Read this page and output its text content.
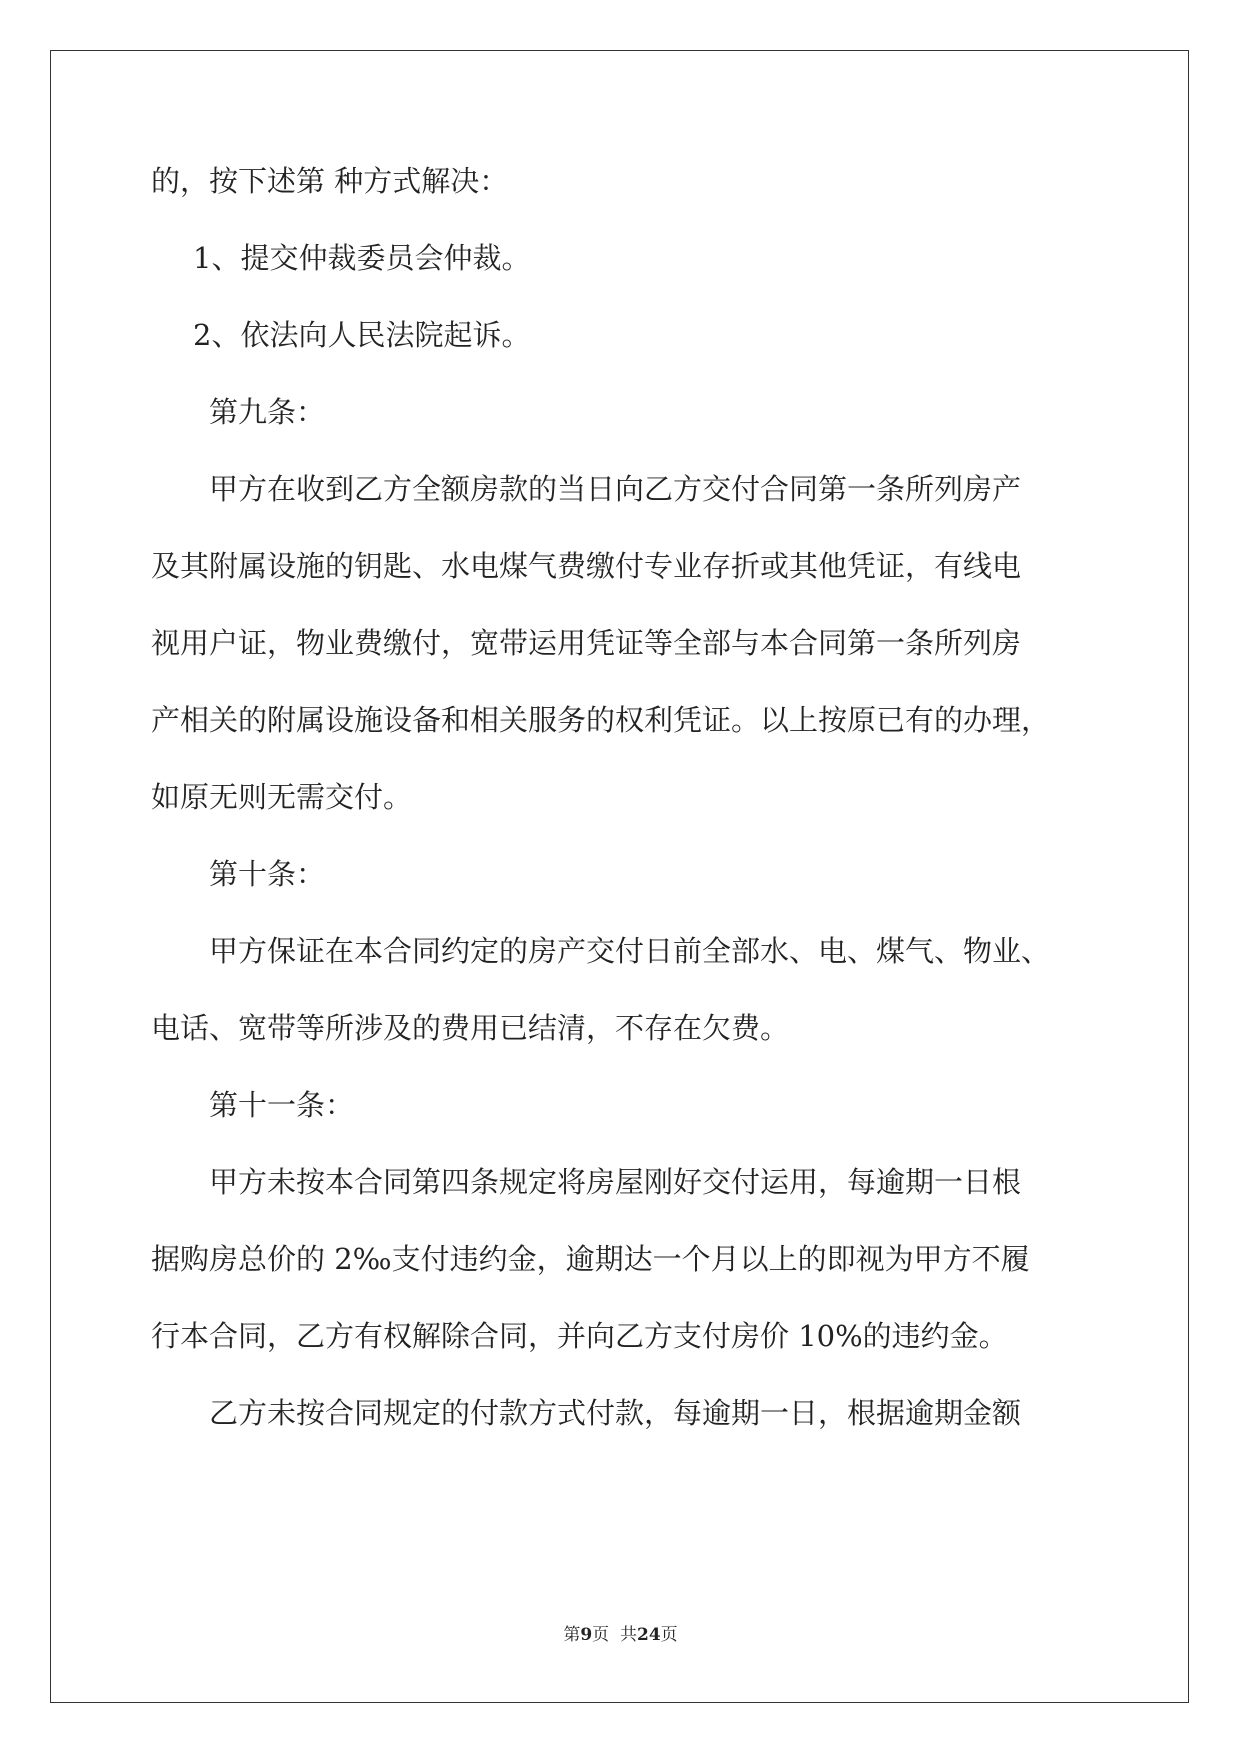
的，按下述第 种方式解决：

1、提交仲裁委员会仲裁。

2、依法向人民法院起诉。

第九条：

甲方在收到乙方全额房款的当日向乙方交付合同第一条所列房产

及其附属设施的钥匙、水电煤气费缴付专业存折或其他凭证，有线电

视用户证，物业费缴付，宽带运用凭证等全部与本合同第一条所列房

产相关的附属设施设备和相关服务的权利凭证。以上按原已有的办理，

如原无则无需交付。

第十条：

甲方保证在本合同约定的房产交付日前全部水、电、煤气、物业、

电话、宽带等所涉及的费用已结清，不存在欠费。

第十一条：

甲方未按本合同第四条规定将房屋刚好交付运用，每逾期一日根

据购房总价的 2‰支付违约金，逾期达一个月以上的即视为甲方不履

行本合同，乙方有权解除合同，并向乙方支付房价 10%的违约金。

乙方未按合同规定的付款方式付款，每逾期一日，根据逾期金额

第9页  共24页
